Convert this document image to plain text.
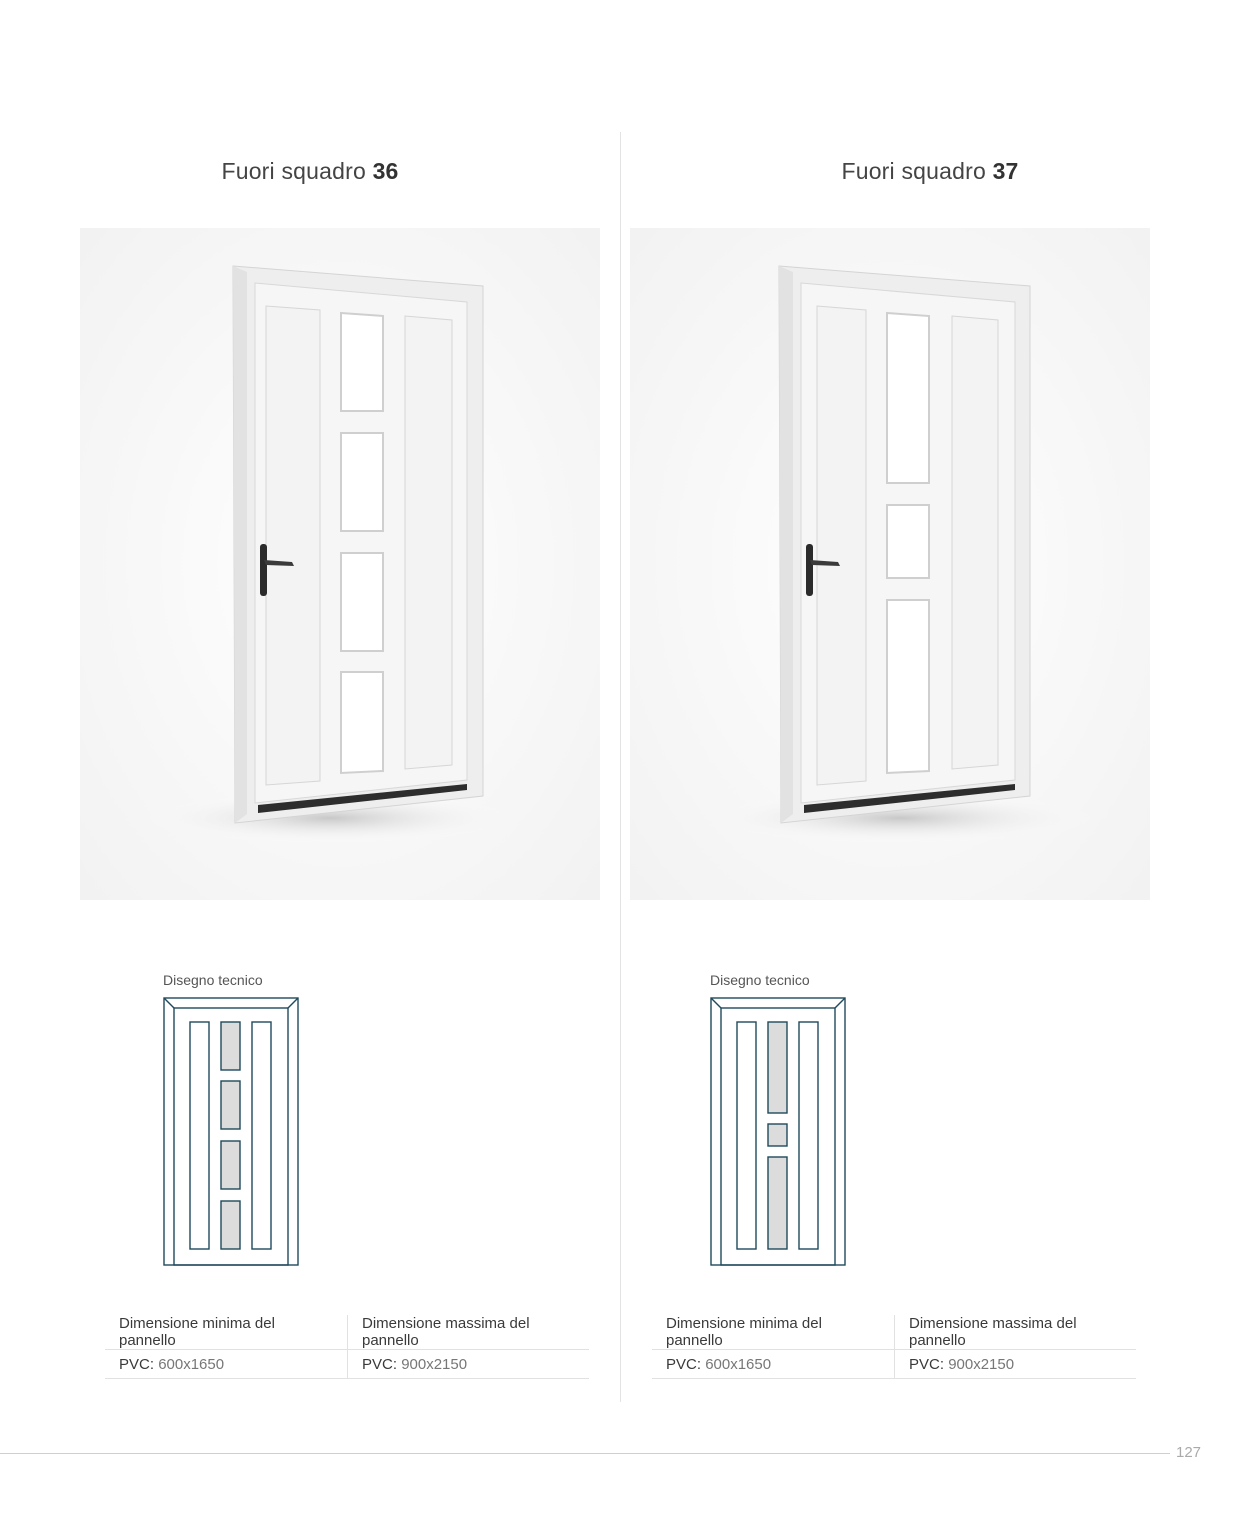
Fuori squadro 36
Disegno tecnico
Dimensione minima del pannello	Dimensione massima del pannello
PVC: 600x1650	PVC: 900x2150
Fuori squadro 37
Disegno tecnico
Dimensione minima del pannello	Dimensione massima del pannello
PVC: 600x1650	PVC: 900x2150
127
